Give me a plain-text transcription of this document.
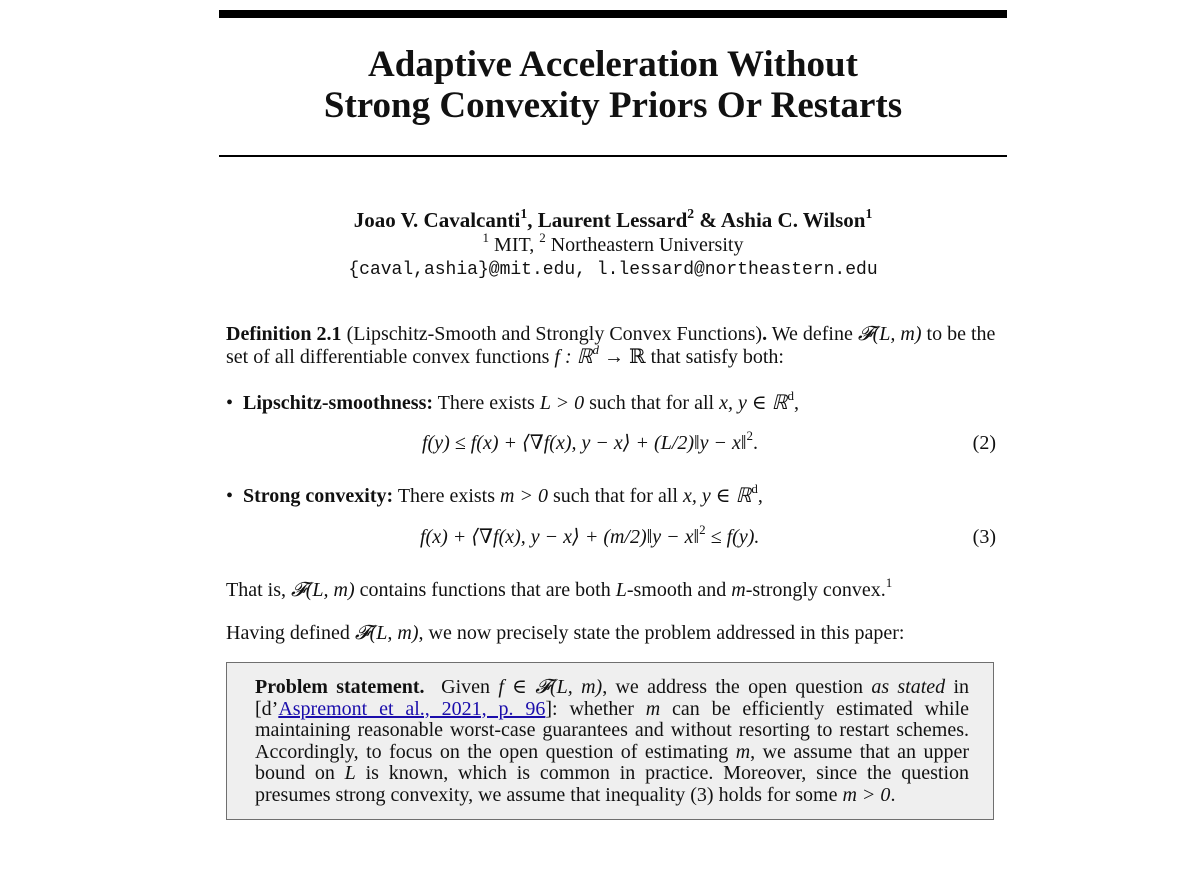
Adaptive Acceleration Without
Strong Convexity Priors Or Restarts
Joao V. Cavalcanti$^1$, Laurent Lessard$^2$ & Ashia C. Wilson$^1$
$^1$ MIT, $^2$ Northeastern University
{caval,ashia}@mit.edu, l.lessard@northeastern.edu
Definition 2.1 (Lipschitz-Smooth and Strongly Convex Functions). We define 𝓕(L, m) to be the set of all differentiable convex functions f : ℝ$^d$ → ℝ that satisfy both:
• Lipschitz-smoothness: There exists L > 0 such that for all x, y ∈ ℝ$^d$,
f(y) ≤ f(x) + ⟨∇f(x), y − x⟩ + (L/2)‖y − x‖$^2$.	(2)
• Strong convexity: There exists m > 0 such that for all x, y ∈ ℝ$^d$,
f(x) + ⟨∇f(x), y − x⟩ + (m/2)‖y − x‖$^2$ ≤ f(y).	(3)
That is, 𝓕(L, m) contains functions that are both L-smooth and m-strongly convex.$^1$
Having defined 𝓕(L, m), we now precisely state the problem addressed in this paper:
Problem statement. Given f ∈ 𝓕(L, m), we address the open question as stated in [d’Aspremont et al., 2021, p. 96]: whether m can be efficiently estimated while maintaining reasonable worst-case guarantees and without resorting to restart schemes. Accordingly, to focus on the open question of estimating m, we assume that an upper bound on L is known, which is common in practice. Moreover, since the question presumes strong convexity, we assume that inequality (3) holds for some m > 0.
